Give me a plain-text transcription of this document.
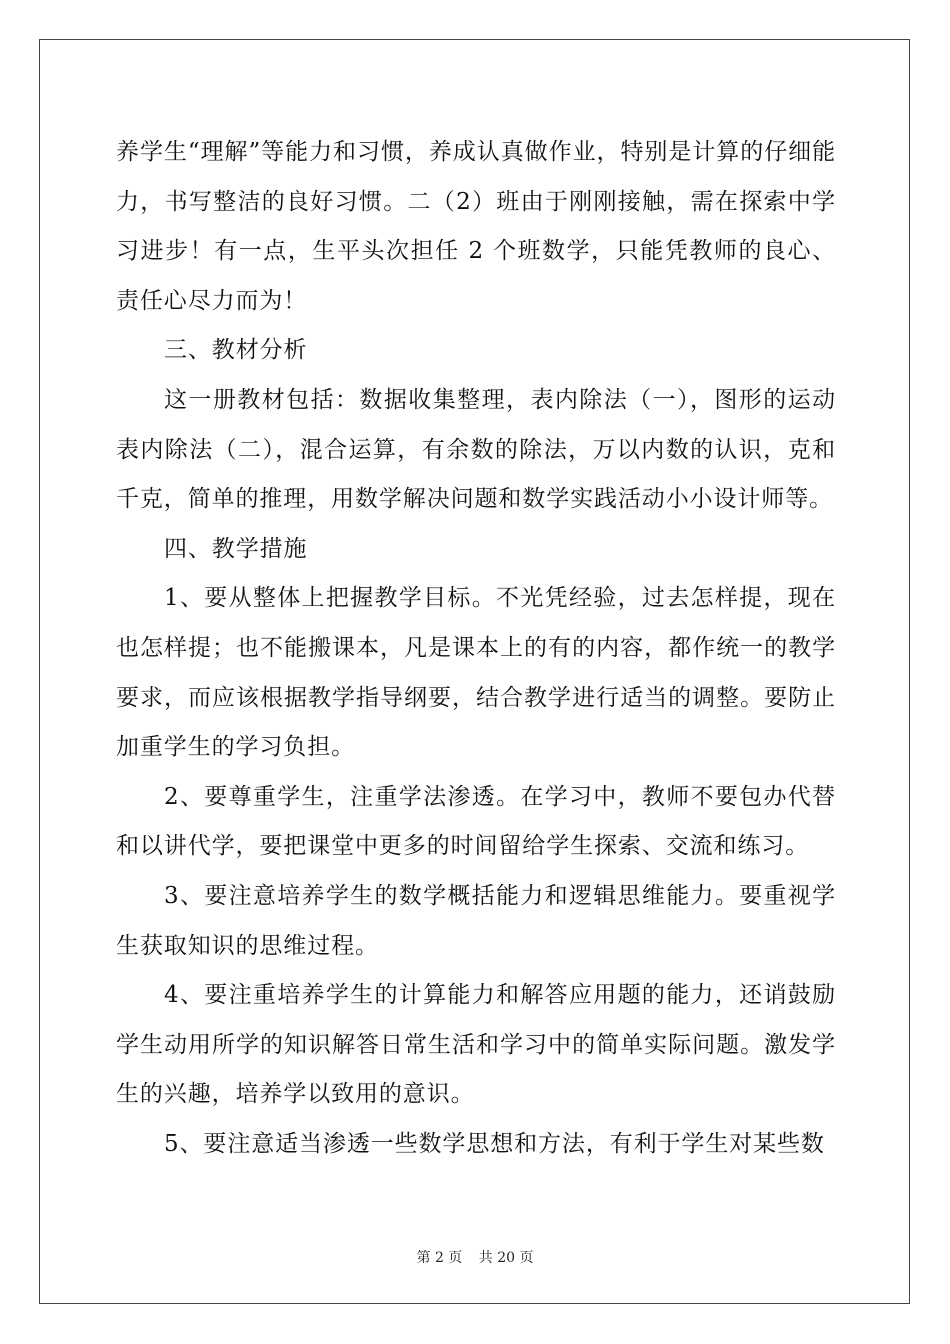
养学生“理解”等能力和习惯，养成认真做作业，特别是计算的仔细能力，书写整洁的良好习惯。二（2）班由于刚刚接触，需在探索中学习进步！有一点，生平头次担任 2 个班数学，只能凭教师的良心、责任心尽力而为！

三、教材分析

这一册教材包括：数据收集整理，表内除法（一），图形的运动表内除法（二），混合运算，有余数的除法，万以内数的认识，克和千克，简单的推理，用数学解决问题和数学实践活动小小设计师等。

四、教学措施

1、要从整体上把握教学目标。不光凭经验，过去怎样提，现在也怎样提；也不能搬课本，凡是课本上的有的内容，都作统一的教学要求，而应该根据教学指导纲要，结合教学进行适当的调整。要防止加重学生的学习负担。

2、要尊重学生，注重学法渗透。在学习中，教师不要包办代替和以讲代学，要把课堂中更多的时间留给学生探索、交流和练习。

3、要注意培养学生的数学概括能力和逻辑思维能力。要重视学生获取知识的思维过程。

4、要注重培养学生的计算能力和解答应用题的能力，还诮鼓励学生动用所学的知识解答日常生活和学习中的简单实际问题。激发学生的兴趣，培养学以致用的意识。

5、要注意适当渗透一些数学思想和方法，有利于学生对某些数

第 2 页 共 20 页
